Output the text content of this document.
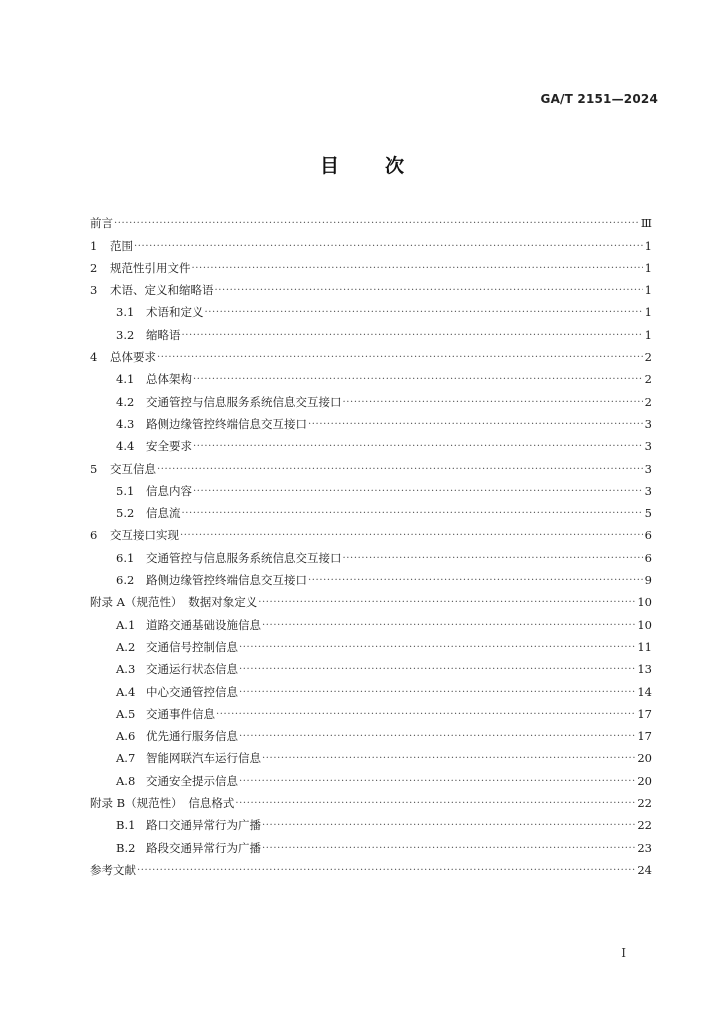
GA/T 2151—2024
目 次
前言 ·····	Ⅲ
1	范围 ·····	1
2	规范性引用文件 ·····	1
3	术语、定义和缩略语 ·····	1
3.1	术语和定义 ·····	1
3.2	缩略语 ·····	1
4	总体要求 ·····	2
4.1	总体架构 ·····	2
4.2	交通管控与信息服务系统信息交互接口 ·····	2
4.3	路侧边缘管控终端信息交互接口 ·····	3
4.4	安全要求 ·····	3
5	交互信息 ·····	3
5.1	信息内容 ·····	3
5.2	信息流 ·····	5
6	交互接口实现 ·····	6
6.1	交通管控与信息服务系统信息交互接口 ·····	6
6.2	路侧边缘管控终端信息交互接口 ·····	9
附录 A（规范性）　数据对象定义 ·····	10
A.1 道路交通基础设施信息 ·····	10
A.2 交通信号控制信息 ·····	11
A.3 交通运行状态信息 ·····	13
A.4 中心交通管控信息 ·····	14
A.5 交通事件信息 ·····	17
A.6 优先通行服务信息 ·····	17
A.7 智能网联汽车运行信息 ·····	20
A.8 交通安全提示信息 ·····	20
附录 B（规范性）　信息格式 ·····	22
B.1 路口交通异常行为广播 ·····	22
B.2 路段交通异常行为广播 ·····	23
参考文献 ·····	24
I
